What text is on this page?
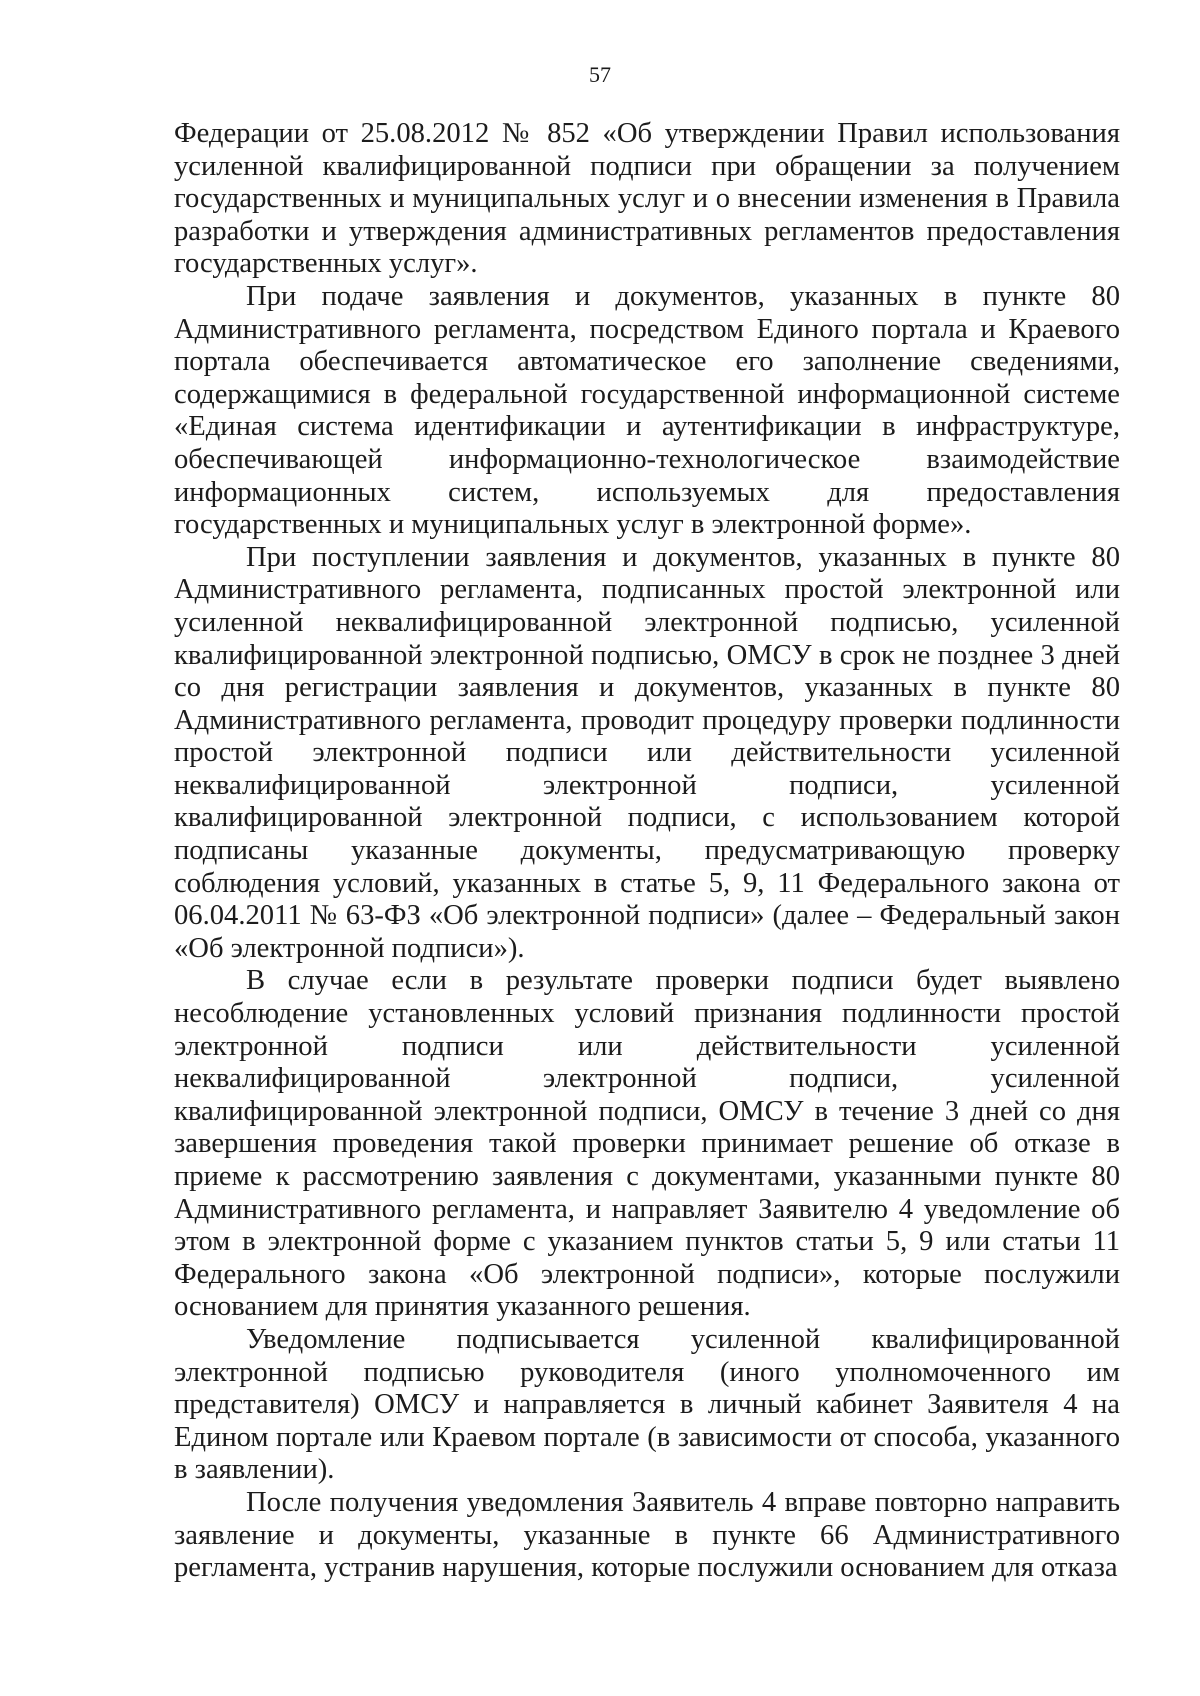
57

Федерации от 25.08.2012 № 852 «Об утверждении Правил использования усиленной квалифицированной подписи при обращении за получением государственных и муниципальных услуг и о внесении изменения в Правила разработки и утверждения административных регламентов предоставления государственных услуг».

При подаче заявления и документов, указанных в пункте 80 Административного регламента, посредством Единого портала и Краевого портала обеспечивается автоматическое его заполнение сведениями, содержащимися в федеральной государственной информационной системе «Единая система идентификации и аутентификации в инфраструктуре, обеспечивающей информационно-технологическое взаимодействие информационных систем, используемых для предоставления государственных и муниципальных услуг в электронной форме».

При поступлении заявления и документов, указанных в пункте 80 Административного регламента, подписанных простой электронной или усиленной неквалифицированной электронной подписью, усиленной квалифицированной электронной подписью, ОМСУ в срок не позднее 3 дней со дня регистрации заявления и документов, указанных в пункте 80 Административного регламента, проводит процедуру проверки подлинности простой электронной подписи или действительности усиленной неквалифицированной электронной подписи, усиленной квалифицированной электронной подписи, с использованием которой подписаны указанные документы, предусматривающую проверку соблюдения условий, указанных в статье 5, 9, 11 Федерального закона от 06.04.2011 № 63-ФЗ «Об электронной подписи» (далее – Федеральный закон «Об электронной подписи»).

В случае если в результате проверки подписи будет выявлено несоблюдение установленных условий признания подлинности простой электронной подписи или действительности усиленной неквалифицированной электронной подписи, усиленной квалифицированной электронной подписи, ОМСУ в течение 3 дней со дня завершения проведения такой проверки принимает решение об отказе в приеме к рассмотрению заявления с документами, указанными пункте 80 Административного регламента, и направляет Заявителю 4 уведомление об этом в электронной форме с указанием пунктов статьи 5, 9 или статьи 11 Федерального закона «Об электронной подписи», которые послужили основанием для принятия указанного решения.

Уведомление подписывается усиленной квалифицированной электронной подписью руководителя (иного уполномоченного им представителя) ОМСУ и направляется в личный кабинет Заявителя 4 на Едином портале или Краевом портале (в зависимости от способа, указанного в заявлении).

После получения уведомления Заявитель 4 вправе повторно направить заявление и документы, указанные в пункте 66 Административного регламента, устранив нарушения, которые послужили основанием для отказа
